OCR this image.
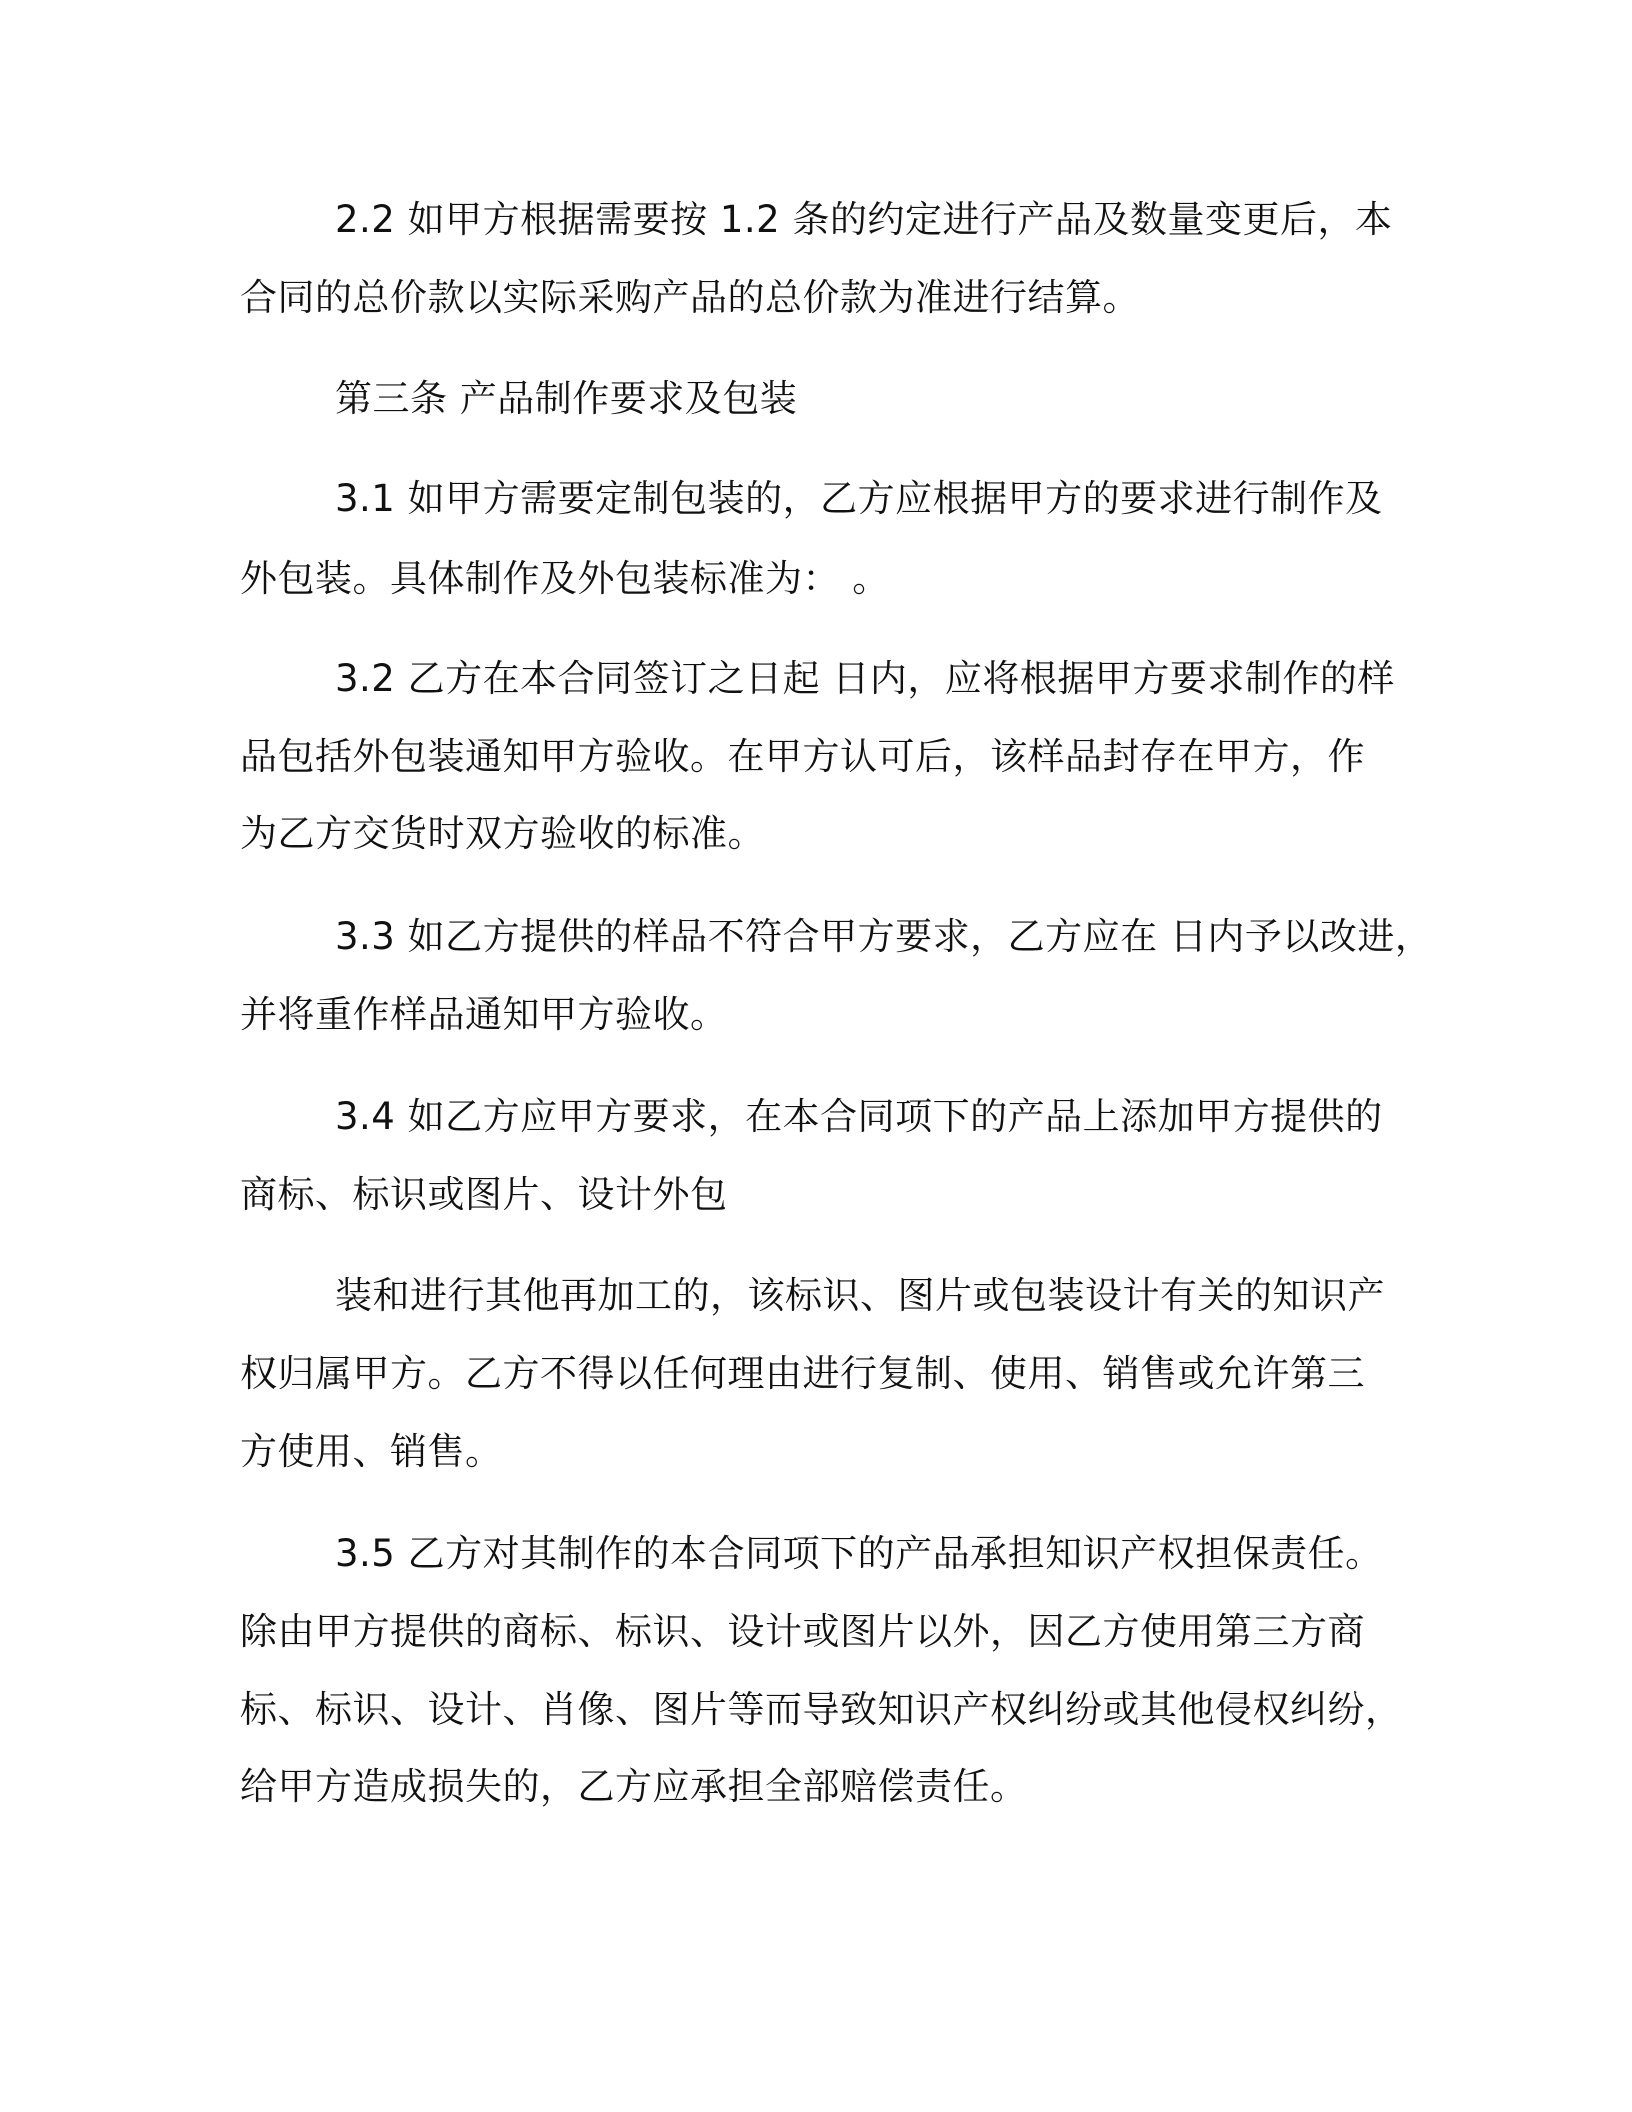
2.2 如甲方根据需要按 1.2 条的约定进行产品及数量变更后，本
合同的总价款以实际采购产品的总价款为准进行结算。
第三条 产品制作要求及包装
3.1 如甲方需要定制包装的，乙方应根据甲方的要求进行制作及
外包装。具体制作及外包装标准为： 。
3.2 乙方在本合同签订之日起 日内，应将根据甲方要求制作的样
品包括外包装通知甲方验收。在甲方认可后，该样品封存在甲方，作
为乙方交货时双方验收的标准。
3.3 如乙方提供的样品不符合甲方要求，乙方应在 日内予以改进，
并将重作样品通知甲方验收。
3.4 如乙方应甲方要求，在本合同项下的产品上添加甲方提供的
商标、标识或图片、设计外包
装和进行其他再加工的，该标识、图片或包装设计有关的知识产
权归属甲方。乙方不得以任何理由进行复制、使用、销售或允许第三
方使用、销售。
3.5 乙方对其制作的本合同项下的产品承担知识产权担保责任。
除由甲方提供的商标、标识、设计或图片以外，因乙方使用第三方商
标、标识、设计、肖像、图片等而导致知识产权纠纷或其他侵权纠纷，
给甲方造成损失的，乙方应承担全部赔偿责任。
